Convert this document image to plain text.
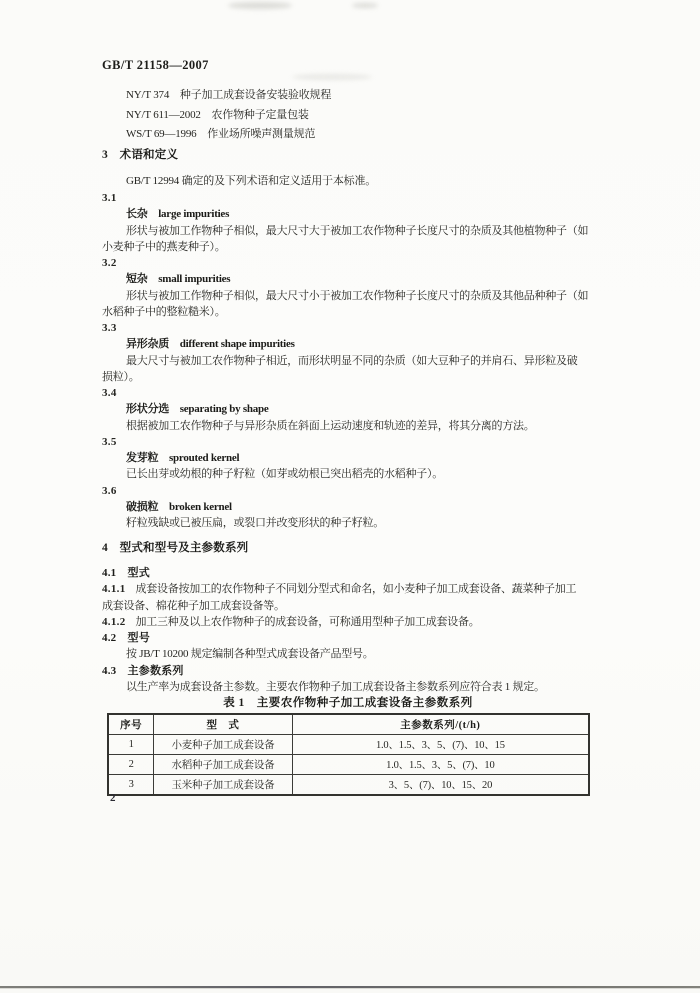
GB/T 21158—2007
NY/T 374　种子加工成套设备安装验收规程
NY/T 611—2002　农作物种子定量包装
WS/T 69—1996　作业场所噪声测量规范
3　术语和定义
GB/T 12994 确定的及下列术语和定义适用于本标准。
3.1
长杂　large impurities
形状与被加工作物种子相似，最大尺寸大于被加工农作物种子长度尺寸的杂质及其他植物种子（如
小麦种子中的燕麦种子）。
3.2
短杂　small impurities
形状与被加工作物种子相似，最大尺寸小于被加工农作物种子长度尺寸的杂质及其他品种种子（如
水稻种子中的整粒糙米）。
3.3
异形杂质　different shape impurities
最大尺寸与被加工农作物种子相近，而形状明显不同的杂质（如大豆种子的并肩石、异形粒及破
损粒）。
3.4
形状分选　separating by shape
根据被加工农作物种子与异形杂质在斜面上运动速度和轨迹的差异，将其分离的方法。
3.5
发芽粒　sprouted kernel
已长出芽或幼根的种子籽粒（如芽或幼根已突出稻壳的水稻种子）。
3.6
破损粒　broken kernel
籽粒残缺或已被压扁，或裂口并改变形状的种子籽粒。
4　型式和型号及主参数系列
4.1　型式
4.1.1 成套设备按加工的农作物种子不同划分型式和命名，如小麦种子加工成套设备、蔬菜种子加工
成套设备、棉花种子加工成套设备等。
4.1.2 加工三种及以上农作物种子的成套设备，可称通用型种子加工成套设备。
4.2　型号
按 JB/T 10200 规定编制各种型式成套设备产品型号。
4.3　主参数系列
以生产率为成套设备主参数。主要农作物种子加工成套设备主参数系列应符合表 1 规定。
表 1　主要农作物种子加工成套设备主参数系列
序号	型　式	主参数系列/(t/h)
1	小麦种子加工成套设备	1.0、1.5、3、5、(7)、10、15
2	水稻种子加工成套设备	1.0、1.5、3、5、(7)、10
3	玉米种子加工成套设备	3、5、(7)、10、15、20
2
